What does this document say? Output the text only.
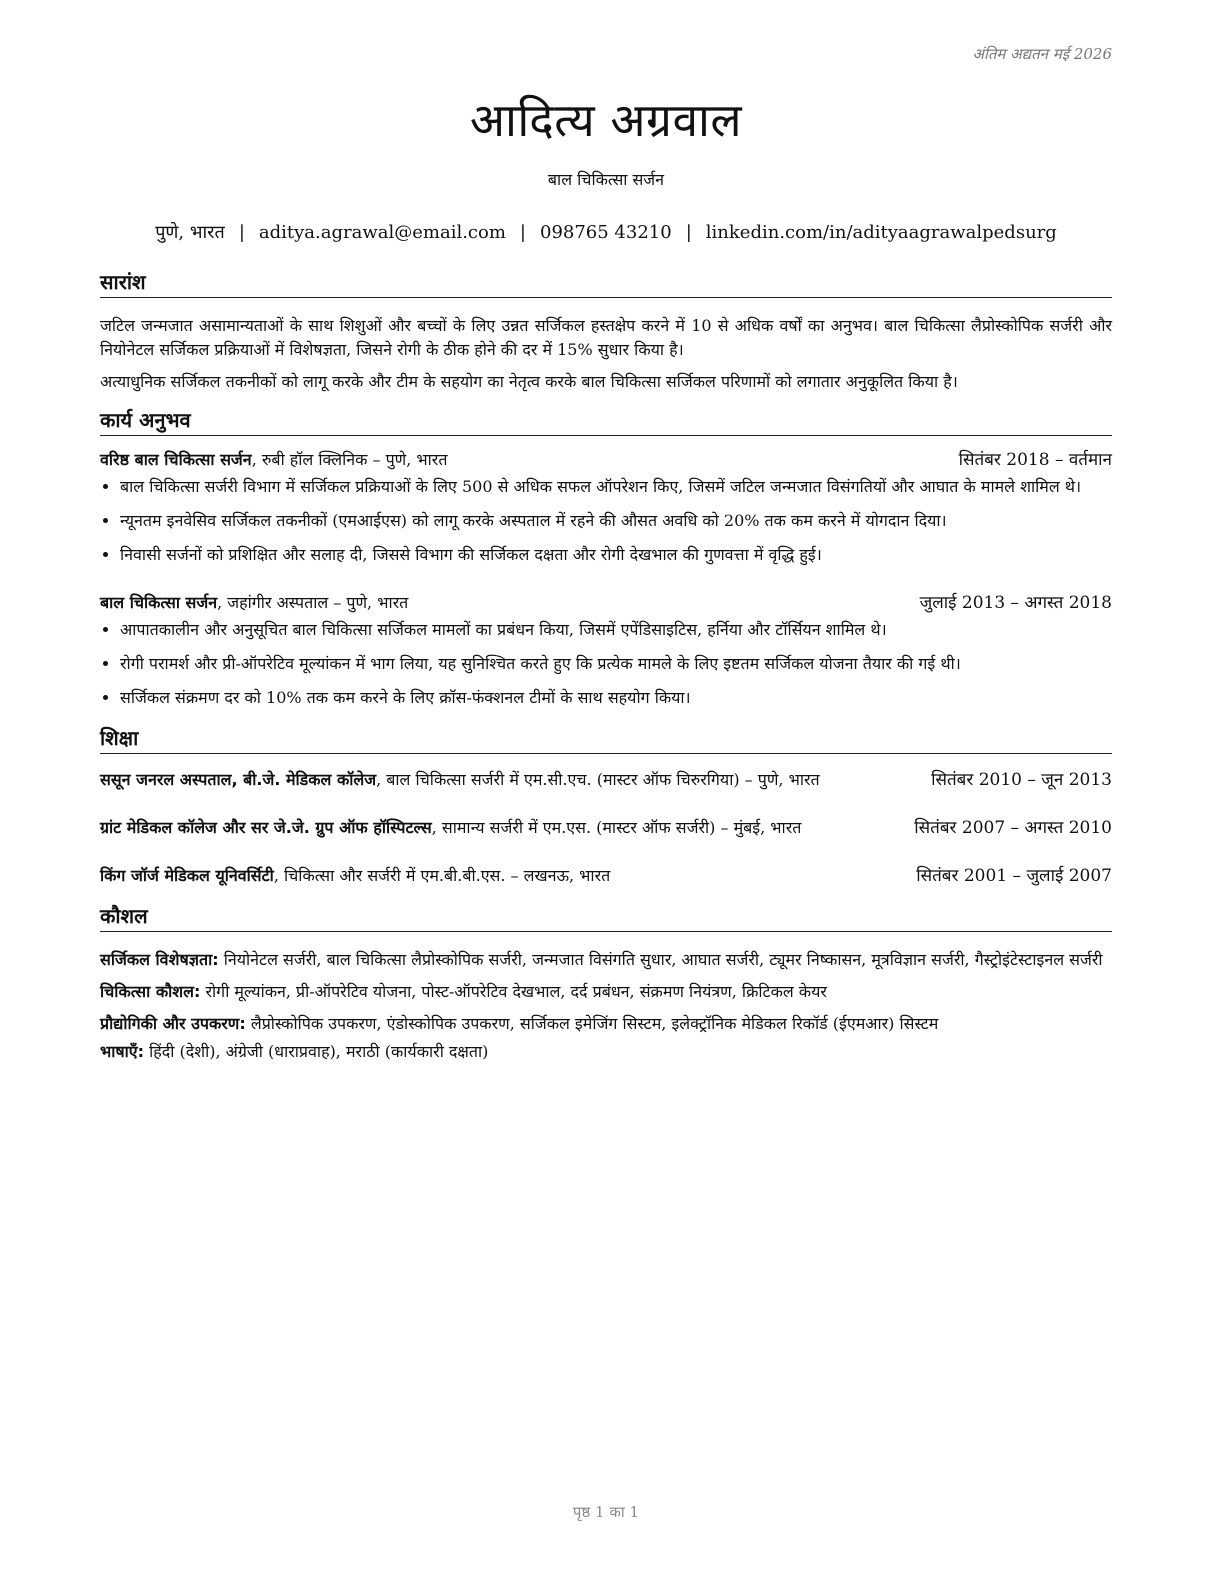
अंतिम अद्यतन मई 2026
आदित्य अग्रवाल
बाल चिकित्सा सर्जन
पुणे, भारत | aditya.agrawal@email.com | 098765 43210 | linkedin.com/in/adityaagrawalpedsurg
सारांश

जटिल जन्मजात असामान्यताओं के साथ शिशुओं और बच्चों के लिए उन्नत सर्जिकल हस्तक्षेप करने में 10 से अधिक वर्षों का अनुभव। बाल चिकित्सा लैप्रोस्कोपिक सर्जरी और नियोनेटल सर्जिकल प्रक्रियाओं में विशेषज्ञता, जिसने रोगी के ठीक होने की दर में 15% सुधार किया है।

अत्याधुनिक सर्जिकल तकनीकों को लागू करके और टीम के सहयोग का नेतृत्व करके बाल चिकित्सा सर्जिकल परिणामों को लगातार अनुकूलित किया है।

कार्य अनुभव
वरिष्ठ बाल चिकित्सा सर्जन, रुबी हॉल क्लिनिक – पुणे, भारत	सितंबर 2018 – वर्तमान
• बाल चिकित्सा सर्जरी विभाग में सर्जिकल प्रक्रियाओं के लिए 500 से अधिक सफल ऑपरेशन किए, जिसमें जटिल जन्मजात विसंगतियों और आघात के मामले शामिल थे।
• न्यूनतम इनवेसिव सर्जिकल तकनीकों (एमआईएस) को लागू करके अस्पताल में रहने की औसत अवधि को 20% तक कम करने में योगदान दिया।
• निवासी सर्जनों को प्रशिक्षित और सलाह दी, जिससे विभाग की सर्जिकल दक्षता और रोगी देखभाल की गुणवत्ता में वृद्धि हुई।
बाल चिकित्सा सर्जन, जहांगीर अस्पताल – पुणे, भारत	जुलाई 2013 – अगस्त 2018
• आपातकालीन और अनुसूचित बाल चिकित्सा सर्जिकल मामलों का प्रबंधन किया, जिसमें एपेंडिसाइटिस, हर्निया और टॉर्सियन शामिल थे।
• रोगी परामर्श और प्री-ऑपरेटिव मूल्यांकन में भाग लिया, यह सुनिश्चित करते हुए कि प्रत्येक मामले के लिए इष्टतम सर्जिकल योजना तैयार की गई थी।
• सर्जिकल संक्रमण दर को 10% तक कम करने के लिए क्रॉस-फंक्शनल टीमों के साथ सहयोग किया।
शिक्षा
ससून जनरल अस्पताल, बी.जे. मेडिकल कॉलेज, बाल चिकित्सा सर्जरी में एम.सी.एच. (मास्टर ऑफ चिरुरगिया) – पुणे, भारत	सितंबर 2010 – जून 2013
ग्रांट मेडिकल कॉलेज और सर जे.जे. ग्रुप ऑफ हॉस्पिटल्स, सामान्य सर्जरी में एम.एस. (मास्टर ऑफ सर्जरी) – मुंबई, भारत	सितंबर 2007 – अगस्त 2010
किंग जॉर्ज मेडिकल यूनिवर्सिटी, चिकित्सा और सर्जरी में एम.बी.बी.एस. – लखनऊ, भारत	सितंबर 2001 – जुलाई 2007
कौशल

सर्जिकल विशेषज्ञता: नियोनेटल सर्जरी, बाल चिकित्सा लैप्रोस्कोपिक सर्जरी, जन्मजात विसंगति सुधार, आघात सर्जरी, ट्यूमर निष्कासन, मूत्रविज्ञान सर्जरी, गैस्ट्रोइंटेस्टाइनल सर्जरी

चिकित्सा कौशल: रोगी मूल्यांकन, प्री-ऑपरेटिव योजना, पोस्ट-ऑपरेटिव देखभाल, दर्द प्रबंधन, संक्रमण नियंत्रण, क्रिटिकल केयर

प्रौद्योगिकी और उपकरण: लैप्रोस्कोपिक उपकरण, एंडोस्कोपिक उपकरण, सर्जिकल इमेजिंग सिस्टम, इलेक्ट्रॉनिक मेडिकल रिकॉर्ड (ईएमआर) सिस्टम

भाषाएँ: हिंदी (देशी), अंग्रेजी (धाराप्रवाह), मराठी (कार्यकारी दक्षता)

पृष्ठ 1 का 1
